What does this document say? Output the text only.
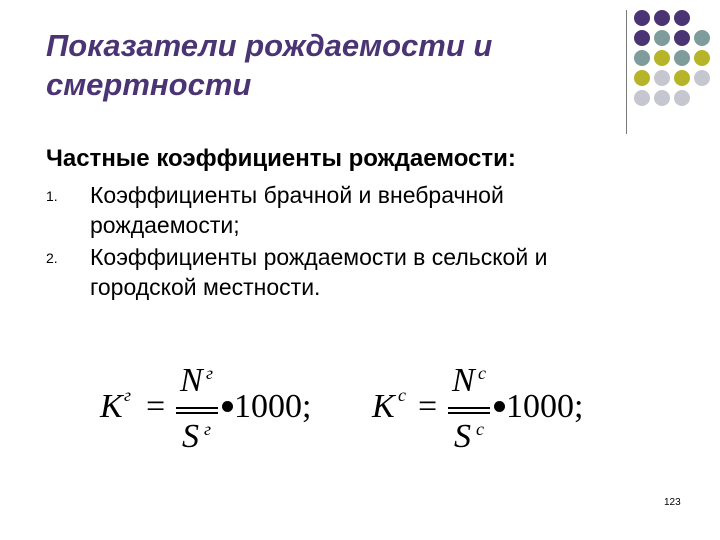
Показатели рождаемости и смертности
Частные коэффициенты рождаемости:
1. Коэффициенты брачной и внебрачной рождаемости;
2. Коэффициенты рождаемости в сельской и городской местности.
K г =
N г
S г
1000; K с =
N с
S с
1000;
123
